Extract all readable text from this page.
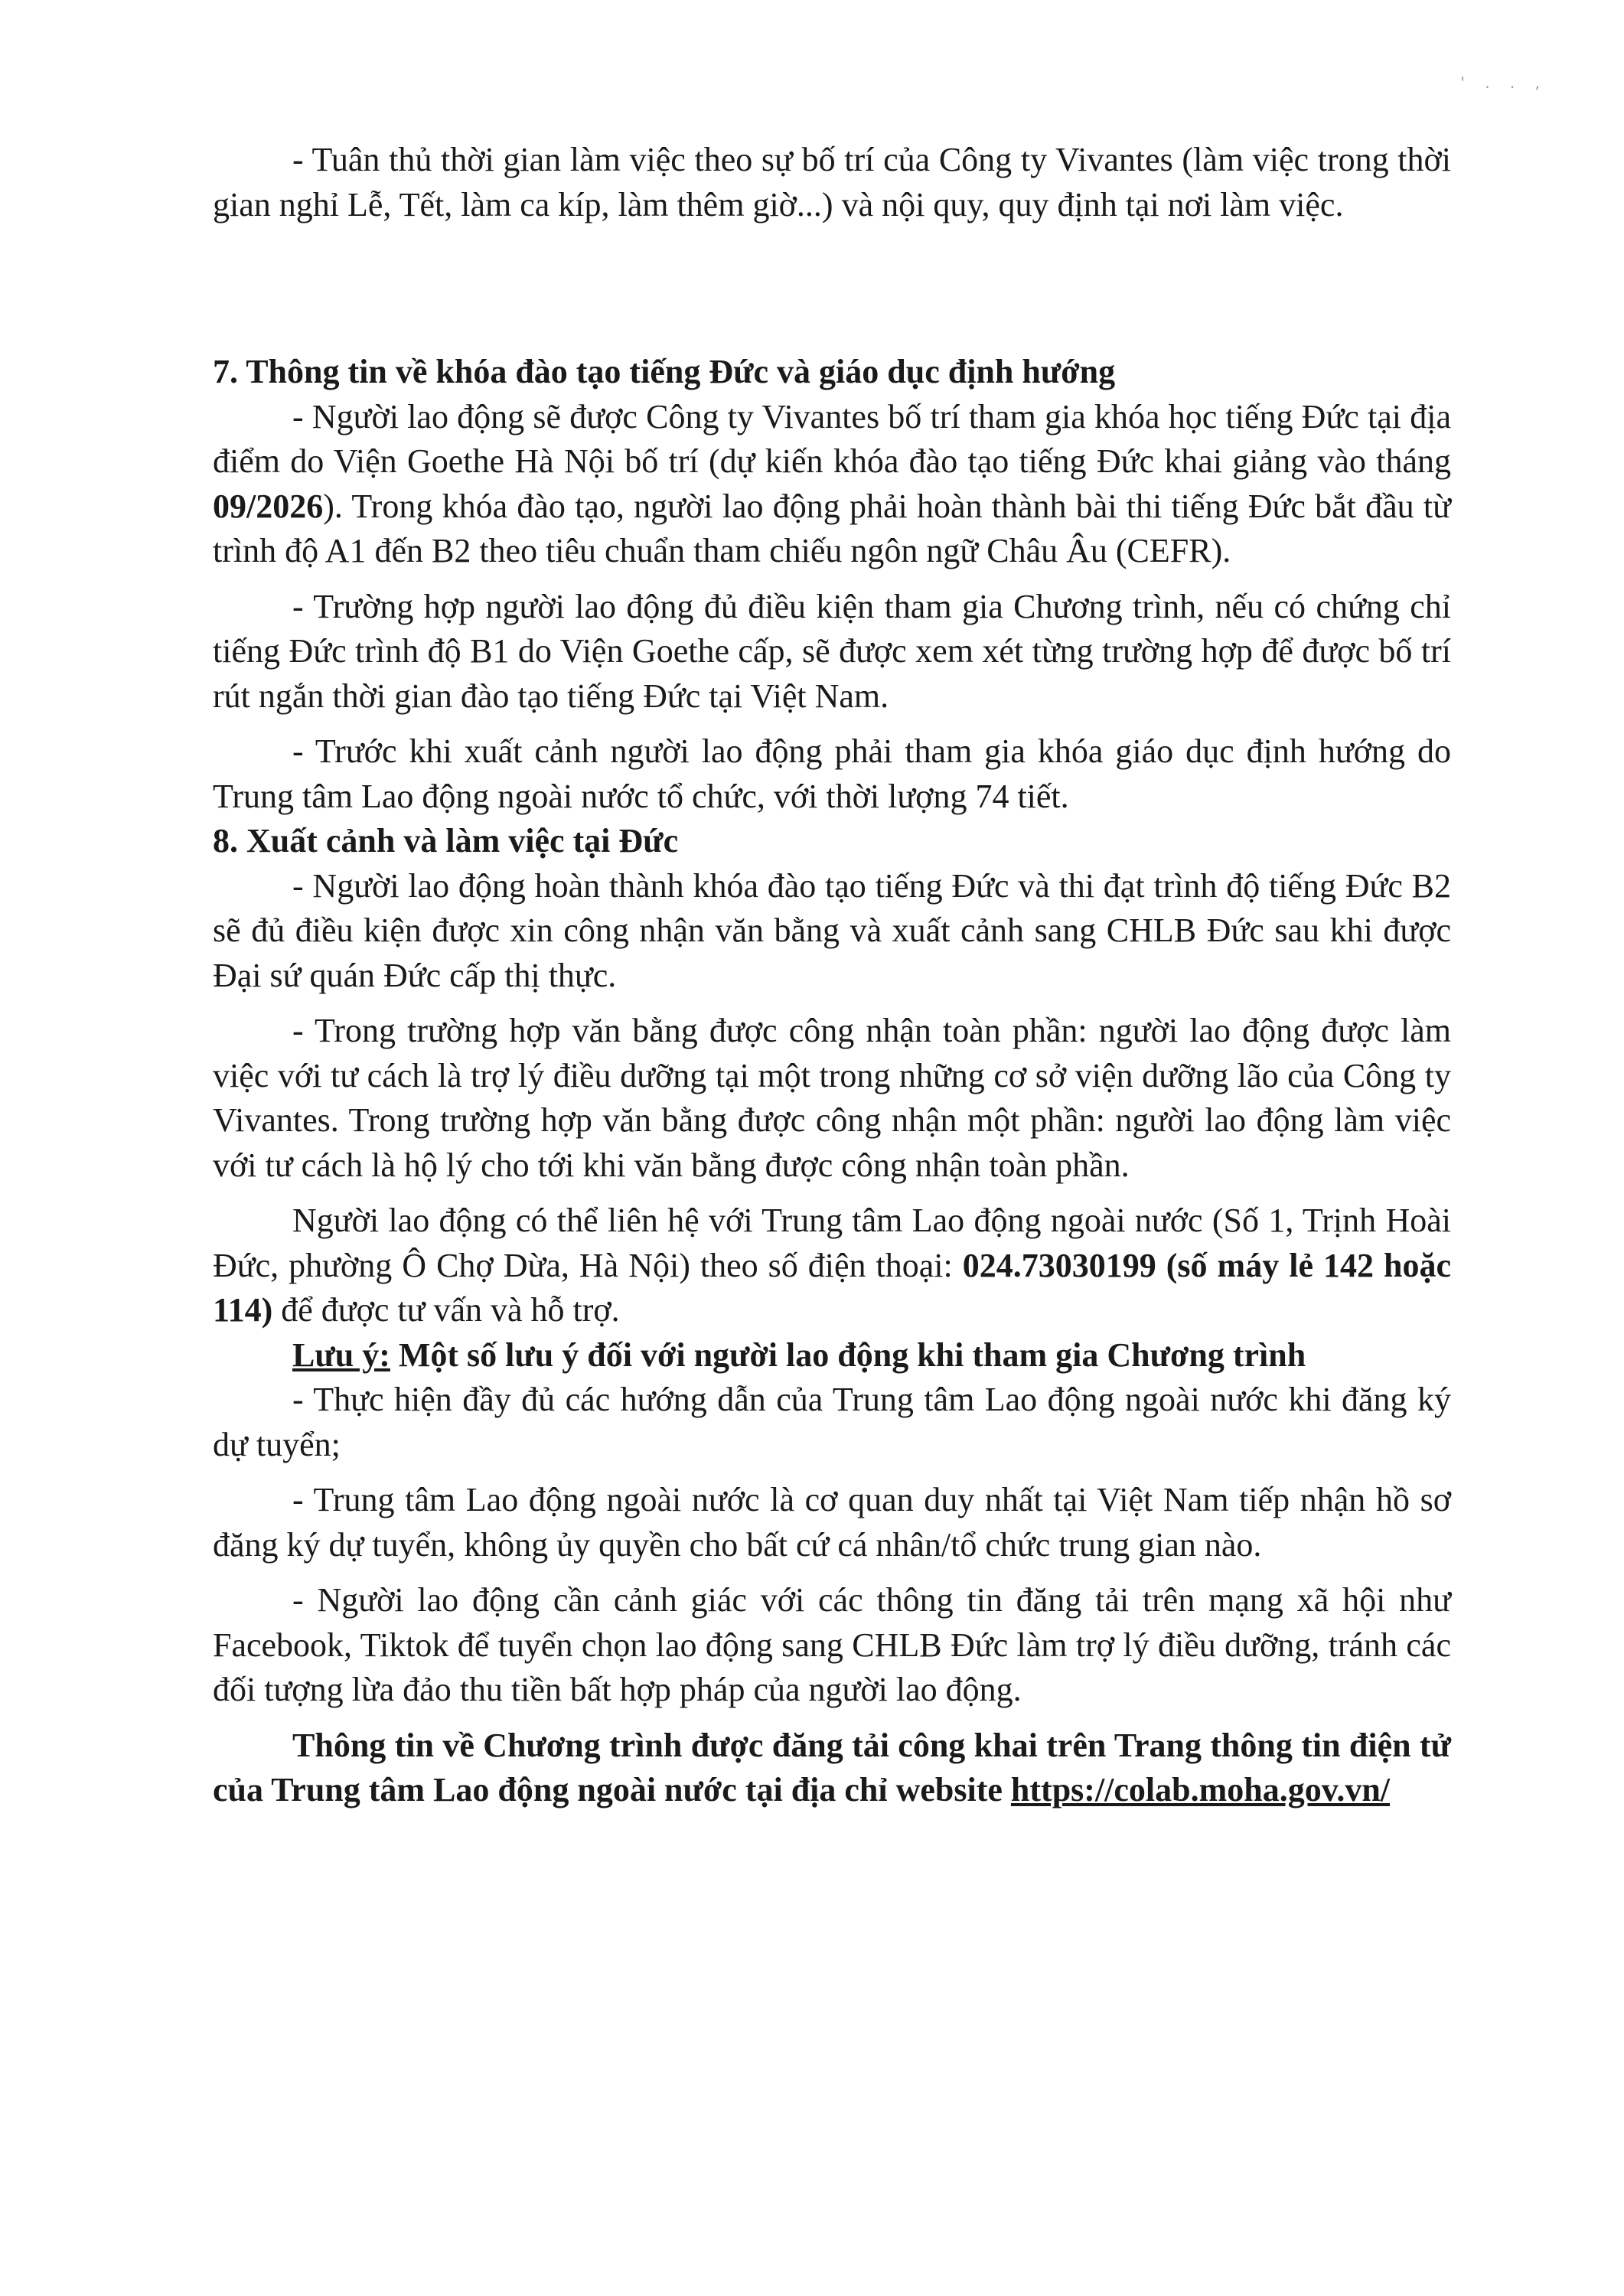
' . . ,

- Tuân thủ thời gian làm việc theo sự bố trí của Công ty Vivantes (làm việc trong thời gian nghỉ Lễ, Tết, làm ca kíp, làm thêm giờ...) và nội quy, quy định tại nơi làm việc.

7. Thông tin về khóa đào tạo tiếng Đức và giáo dục định hướng

- Người lao động sẽ được Công ty Vivantes bố trí tham gia khóa học tiếng Đức tại địa điểm do Viện Goethe Hà Nội bố trí (dự kiến khóa đào tạo tiếng Đức khai giảng vào tháng 09/2026). Trong khóa đào tạo, người lao động phải hoàn thành bài thi tiếng Đức bắt đầu từ trình độ A1 đến B2 theo tiêu chuẩn tham chiếu ngôn ngữ Châu Âu (CEFR).

- Trường hợp người lao động đủ điều kiện tham gia Chương trình, nếu có chứng chỉ tiếng Đức trình độ B1 do Viện Goethe cấp, sẽ được xem xét từng trường hợp để được bố trí rút ngắn thời gian đào tạo tiếng Đức tại Việt Nam.

- Trước khi xuất cảnh người lao động phải tham gia khóa giáo dục định hướng do Trung tâm Lao động ngoài nước tổ chức, với thời lượng 74 tiết.

8. Xuất cảnh và làm việc tại Đức

- Người lao động hoàn thành khóa đào tạo tiếng Đức và thi đạt trình độ tiếng Đức B2 sẽ đủ điều kiện được xin công nhận văn bằng và xuất cảnh sang CHLB Đức sau khi được Đại sứ quán Đức cấp thị thực.

- Trong trường hợp văn bằng được công nhận toàn phần: người lao động được làm việc với tư cách là trợ lý điều dưỡng tại một trong những cơ sở viện dưỡng lão của Công ty Vivantes. Trong trường hợp văn bằng được công nhận một phần: người lao động làm việc với tư cách là hộ lý cho tới khi văn bằng được công nhận toàn phần.

Người lao động có thể liên hệ với Trung tâm Lao động ngoài nước (Số 1, Trịnh Hoài Đức, phường Ô Chợ Dừa, Hà Nội) theo số điện thoại: 024.73030199 (số máy lẻ 142 hoặc 114) để được tư vấn và hỗ trợ.

Lưu ý: Một số lưu ý đối với người lao động khi tham gia Chương trình

- Thực hiện đầy đủ các hướng dẫn của Trung tâm Lao động ngoài nước khi đăng ký dự tuyển;

- Trung tâm Lao động ngoài nước là cơ quan duy nhất tại Việt Nam tiếp nhận hồ sơ đăng ký dự tuyển, không ủy quyền cho bất cứ cá nhân/tổ chức trung gian nào.

- Người lao động cần cảnh giác với các thông tin đăng tải trên mạng xã hội như Facebook, Tiktok để tuyển chọn lao động sang CHLB Đức làm trợ lý điều dưỡng, tránh các đối tượng lừa đảo thu tiền bất hợp pháp của người lao động.

Thông tin về Chương trình được đăng tải công khai trên Trang thông tin điện tử của Trung tâm Lao động ngoài nước tại địa chỉ website https://colab.moha.gov.vn/
